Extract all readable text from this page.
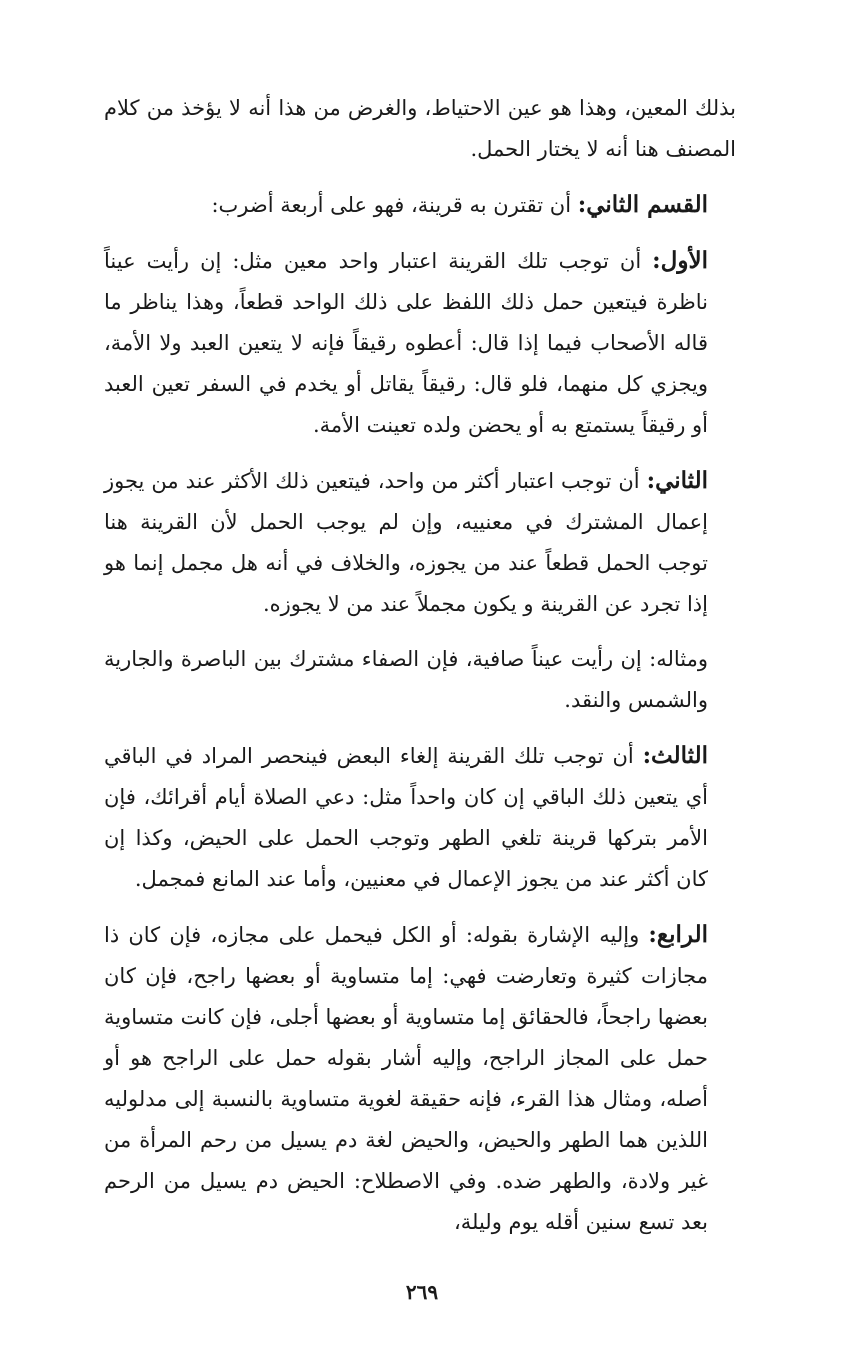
بذلك المعين، وهذا هو عين الاحتياط، والغرض من هذا أنه لا يؤخذ من كلام المصنف هنا أنه لا يختار الحمل.

القسم الثاني: أن تقترن به قرينة، فهو على أربعة أضرب:

الأول: أن توجب تلك القرينة اعتبار واحد معين مثل: إن رأيت عيناً ناظرة فيتعين حمل ذلك اللفظ على ذلك الواحد قطعاً، وهذا يناظر ما قاله الأصحاب فيما إذا قال: أعطوه رقيقاً فإنه لا يتعين العبد ولا الأمة، ويجزي كل منهما، فلو قال: رقيقاً يقاتل أو يخدم في السفر تعين العبد أو رقيقاً يستمتع به أو يحضن ولده تعينت الأمة.

الثاني: أن توجب اعتبار أكثر من واحد، فيتعين ذلك الأكثر عند من يجوز إعمال المشترك في معنييه، وإن لم يوجب الحمل لأن القرينة هنا توجب الحمل قطعاً عند من يجوزه، والخلاف في أنه هل مجمل إنما هو إذا تجرد عن القرينة و يكون مجملاً عند من لا يجوزه.

ومثاله: إن رأيت عيناً صافية، فإن الصفاء مشترك بين الباصرة والجارية والشمس والنقد.

الثالث: أن توجب تلك القرينة إلغاء البعض فينحصر المراد في الباقي أي يتعين ذلك الباقي إن كان واحداً مثل: دعي الصلاة أيام أقرائك، فإن الأمر بتركها قرينة تلغي الطهر وتوجب الحمل على الحيض، وكذا إن كان أكثر عند من يجوز الإعمال في معنيين، وأما عند المانع فمجمل.

الرابع: وإليه الإشارة بقوله: أو الكل فيحمل على مجازه، فإن كان ذا مجازات كثيرة وتعارضت فهي: إما متساوية أو بعضها راجح، فإن كان بعضها راجحاً، فالحقائق إما متساوية أو بعضها أجلى، فإن كانت متساوية حمل على المجاز الراجح، وإليه أشار بقوله حمل على الراجح هو أو أصله، ومثال هذا القرء، فإنه حقيقة لغوية متساوية بالنسبة إلى مدلوليه اللذين هما الطهر والحيض، والحيض لغة دم يسيل من رحم المرأة من غير ولادة، والطهر ضده. وفي الاصطلاح: الحيض دم يسيل من الرحم بعد تسع سنين أقله يوم وليلة،

٢٦٩
